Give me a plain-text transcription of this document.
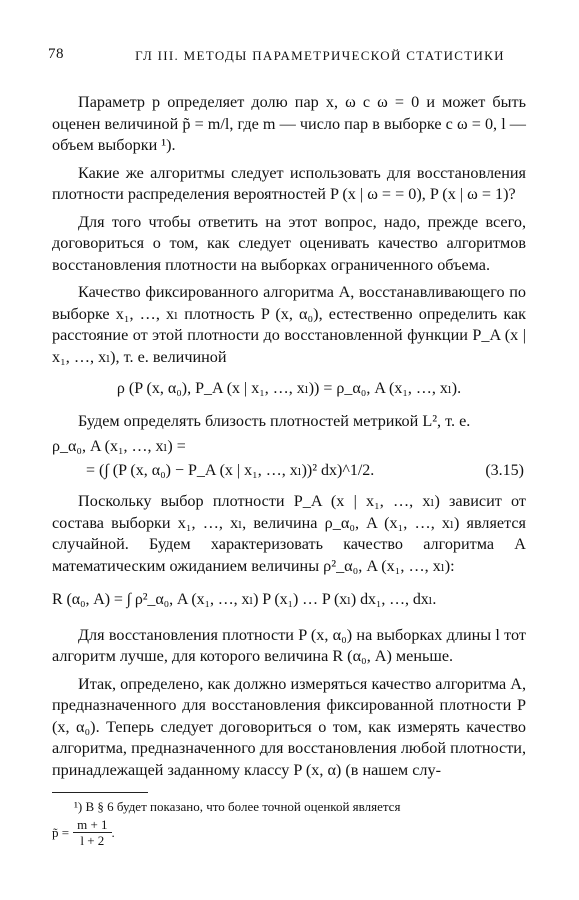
78	ГЛ III. МЕТОДЫ ПАРАМЕТРИЧЕСКОЙ СТАТИСТИКИ

Параметр p определяет долю пар x, ω с ω = 0 и может быть оценен величиной p̃ = m/l, где m — число пар в выборке с ω = 0, l — объем выборки ¹).

Какие же алгоритмы следует использовать для восстановления плотности распределения вероятностей P (x | ω = = 0), P (x | ω = 1)?

Для того чтобы ответить на этот вопрос, надо, прежде всего, договориться о том, как следует оценивать качество алгоритмов восстановления плотности на выборках ограниченного объема.

Качество фиксированного алгоритма A, восстанавливающего по выборке x₁, …, xₗ плотность P (x, α₀), естественно определить как расстояние от этой плотности до восстановленной функции P_A (x | x₁, …, xₗ), т. е. величиной

ρ (P (x, α₀), P_A (x | x₁, …, xₗ)) = ρ_α₀, A (x₁, …, xₗ).

Будем определять близость плотностей метрикой L², т. е.

ρ_α₀, A (x₁, …, xₗ) =
= (∫ (P (x, α₀) − P_A (x | x₁, …, xₗ))² dx)^1/2.	(3.15)

Поскольку выбор плотности P_A (x | x₁, …, xₗ) зависит от состава выборки x₁, …, xₗ, величина ρ_α₀, A (x₁, …, xₗ) является случайной. Будем характеризовать качество алгоритма A математическим ожиданием величины ρ²_α₀, A (x₁, …, xₗ):

R (α₀, A) = ∫ ρ²_α₀, A (x₁, …, xₗ) P (x₁) … P (xₗ) dx₁, …, dxₗ.

Для восстановления плотности P (x, α₀) на выборках длины l тот алгоритм лучше, для которого величина R (α₀, A) меньше.

Итак, определено, как должно измеряться качество алгоритма A, предназначенного для восстановления фиксированной плотности P (x, α₀). Теперь следует договориться о том, как измерять качество алгоритма, предназначенного для восстановления любой плотности, принадлежащей заданному классу P (x, α) (в нашем слу-

¹) В § 6 будет показано, что более точной оценкой является
p̃ = $\frac{m + 1}{l + 2}$ .
